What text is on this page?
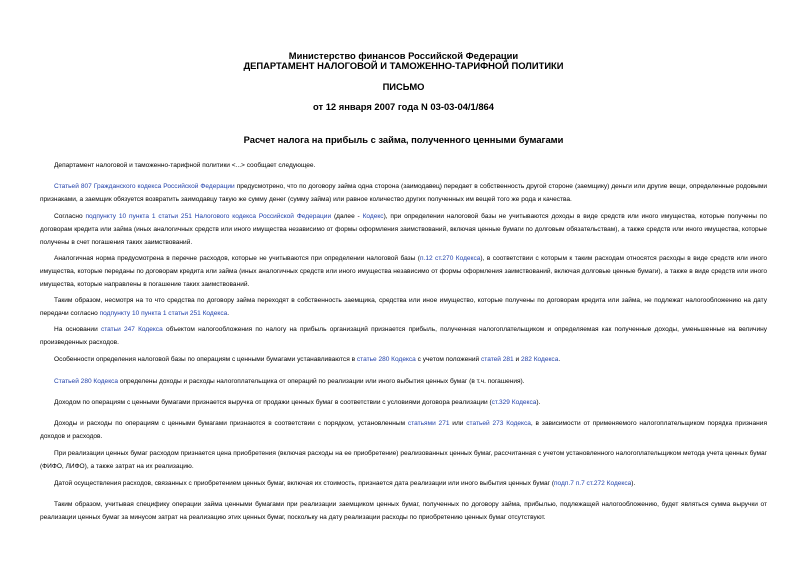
Министерство финансов Российской Федерации
ДЕПАРТАМЕНТ НАЛОГОВОЙ И ТАМОЖЕННО-ТАРИФНОЙ ПОЛИТИКИ
ПИСЬМО
от 12 января 2007 года N 03-03-04/1/864
Расчет налога на прибыль с займа, полученного ценными бумагами

Департамент налоговой и таможенно-тарифной политики <...> сообщает следующее.

Статьей 807 Гражданского кодекса Российской Федерации предусмотрено, что по договору займа одна сторона (заимодавец) передает в собственность другой стороне (заемщику) деньги или другие вещи, определенные родовыми признаками, а заемщик обязуется возвратить заимодавцу такую же сумму денег (сумму займа) или равное количество других полученных им вещей того же рода и качества.

Согласно подпункту 10 пункта 1 статьи 251 Налогового кодекса Российской Федерации (далее - Кодекс), при определении налоговой базы не учитываются доходы в виде средств или иного имущества, которые получены по договорам кредита или займа (иных аналогичных средств или иного имущества независимо от формы оформления заимствований, включая ценные бумаги по долговым обязательствам), а также средств или иного имущества, которые получены в счет погашения таких заимствований.

Аналогичная норма предусмотрена в перечне расходов, которые не учитываются при определении налоговой базы (п.12 ст.270 Кодекса), в соответствии с которым к таким расходам относятся расходы в виде средств или иного имущества, которые переданы по договорам кредита или займа (иных аналогичных средств или иного имущества независимо от формы оформления заимствований, включая долговые ценные бумаги), а также в виде средств или иного имущества, которые направлены в погашение таких заимствований.

Таким образом, несмотря на то что средства по договору займа переходят в собственность заемщика, средства или иное имущество, которые получены по договорам кредита или займа, не подлежат налогообложению на дату передачи согласно подпункту 10 пункта 1 статьи 251 Кодекса.

На основании статьи 247 Кодекса объектом налогообложения по налогу на прибыль организаций признается прибыль, полученная налогоплательщиком и определяемая как полученные доходы, уменьшенные на величину произведенных расходов.

Особенности определения налоговой базы по операциям с ценными бумагами устанавливаются в статье 280 Кодекса с учетом положений статей 281 и 282 Кодекса.

Статьей 280 Кодекса определены доходы и расходы налогоплательщика от операций по реализации или иного выбытия ценных бумаг (в т.ч. погашения).

Доходом по операциям с ценными бумагами признается выручка от продажи ценных бумаг в соответствии с условиями договора реализации (ст.329 Кодекса).

Доходы и расходы по операциям с ценными бумагами признаются в соответствии с порядком, установленным статьями 271 или статьей 273 Кодекса, в зависимости от применяемого налогоплательщиком порядка признания доходов и расходов.

При реализации ценных бумаг расходом признается цена приобретения (включая расходы на ее приобретение) реализованных ценных бумаг, рассчитанная с учетом установленного налогоплательщиком метода учета ценных бумаг (ФИФО, ЛИФО), а также затрат на их реализацию.

Датой осуществления расходов, связанных с приобретением ценных бумаг, включая их стоимость, признается дата реализации или иного выбытия ценных бумаг (подп.7 п.7 ст.272 Кодекса).

Таким образом, учитывая специфику операции займа ценными бумагами при реализации заемщиком ценных бумаг, полученных по договору займа, прибылью, подлежащей налогообложению, будет являться сумма выручки от реализации ценных бумаг за минусом затрат на реализацию этих ценных бумаг, поскольку на дату реализации расходы по приобретению ценных бумаг отсутствуют.
